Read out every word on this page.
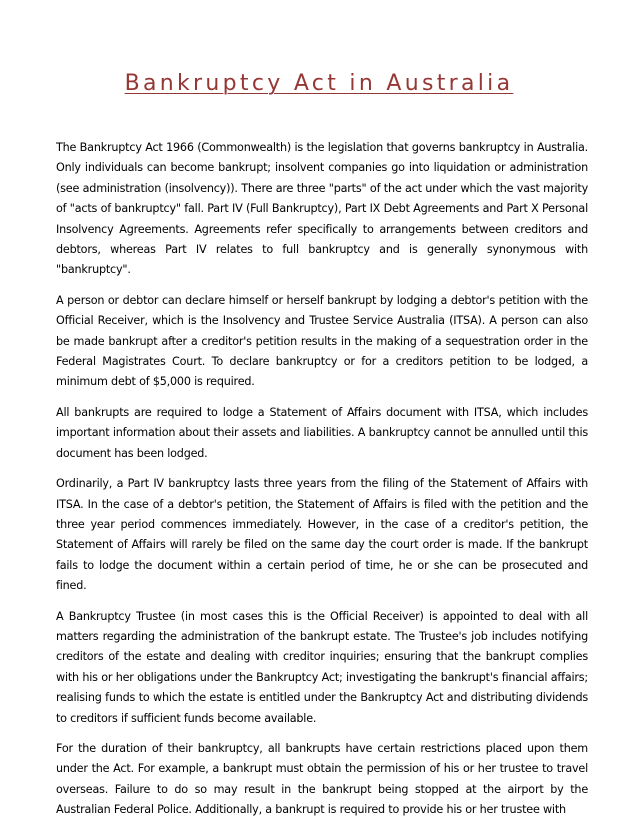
Bankruptcy Act in Australia

The Bankruptcy Act 1966 (Commonwealth) is the legislation that governs bankruptcy in Australia. Only individuals can become bankrupt; insolvent companies go into liquidation or administration (see administration (insolvency)). There are three "parts" of the act under which the vast majority of "acts of bankruptcy" fall. Part IV (Full Bankruptcy), Part IX Debt Agreements and Part X Personal Insolvency Agreements. Agreements refer specifically to arrangements between creditors and debtors, whereas Part IV relates to full bankruptcy and is generally synonymous with "bankruptcy".

A person or debtor can declare himself or herself bankrupt by lodging a debtor's petition with the Official Receiver, which is the Insolvency and Trustee Service Australia (ITSA). A person can also be made bankrupt after a creditor's petition results in the making of a sequestration order in the Federal Magistrates Court. To declare bankruptcy or for a creditors petition to be lodged, a minimum debt of $5,000 is required.

All bankrupts are required to lodge a Statement of Affairs document with ITSA, which includes important information about their assets and liabilities. A bankruptcy cannot be annulled until this document has been lodged.

Ordinarily, a Part IV bankruptcy lasts three years from the filing of the Statement of Affairs with ITSA. In the case of a debtor's petition, the Statement of Affairs is filed with the petition and the three year period commences immediately. However, in the case of a creditor's petition, the Statement of Affairs will rarely be filed on the same day the court order is made. If the bankrupt fails to lodge the document within a certain period of time, he or she can be prosecuted and fined.

A Bankruptcy Trustee (in most cases this is the Official Receiver) is appointed to deal with all matters regarding the administration of the bankrupt estate. The Trustee's job includes notifying creditors of the estate and dealing with creditor inquiries; ensuring that the bankrupt complies with his or her obligations under the Bankruptcy Act; investigating the bankrupt's financial affairs; realising funds to which the estate is entitled under the Bankruptcy Act and distributing dividends to creditors if sufficient funds become available.

For the duration of their bankruptcy, all bankrupts have certain restrictions placed upon them under the Act. For example, a bankrupt must obtain the permission of his or her trustee to travel overseas. Failure to do so may result in the bankrupt being stopped at the airport by the Australian Federal Police. Additionally, a bankrupt is required to provide his or her trustee with
